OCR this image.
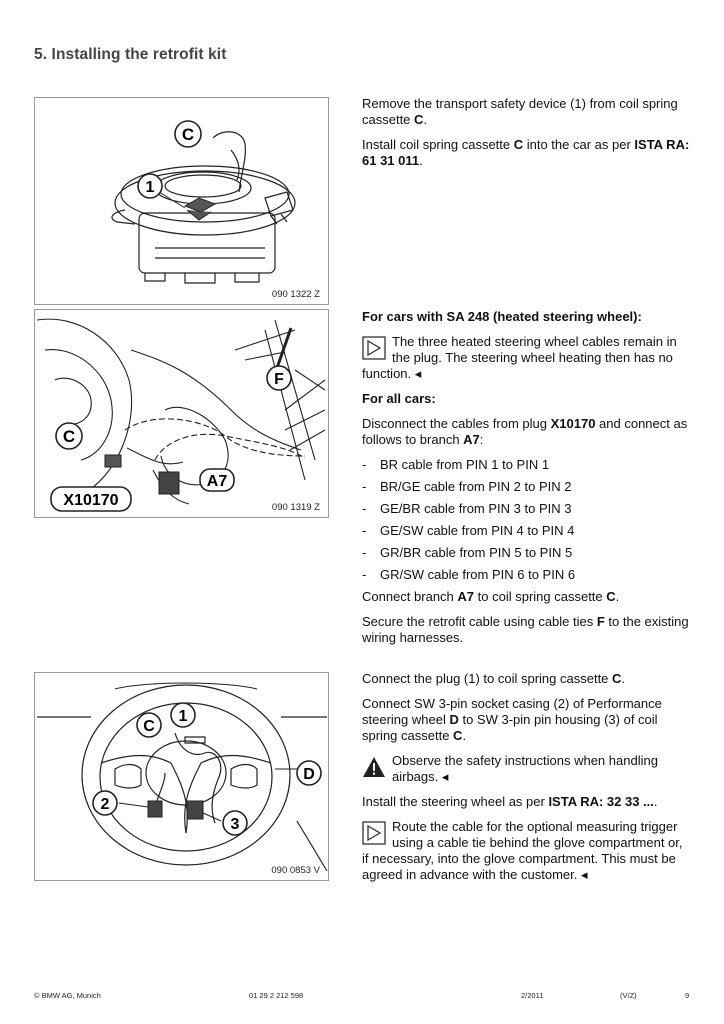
5. Installing the retrofit kit
C
1
090 1322 Z
F
C
A7
X10170	090 1319 Z
C
1
2
3
D
090 0853 V

Remove the transport safety device (1) from coil spring cassette C.

Install coil spring cassette C into the car as per ISTA RA: 61 31 011.

For cars with SA 248 (heated steering wheel):

The three heated steering wheel cables remain in the plug. The steering wheel heating then has no function. ◂

For all cars:

Disconnect the cables from plug X10170 and connect as follows to branch A7:

- BR cable from PIN 1 to PIN 1
- BR/GE cable from PIN 2 to PIN 2
- GE/BR cable from PIN 3 to PIN 3
- GE/SW cable from PIN 4 to PIN 4
- GR/BR cable from PIN 5 to PIN 5
- GR/SW cable from PIN 6 to PIN 6

Connect branch A7 to coil spring cassette C.

Secure the retrofit cable using cable ties F to the existing wiring harnesses.

Connect the plug (1) to coil spring cassette C.

Connect SW 3-pin socket casing (2) of Performance steering wheel D to SW 3-pin pin housing (3) of coil spring cassette C.

Observe the safety instructions when handling airbags. ◂

Install the steering wheel as per ISTA RA: 32 33 ....

Route the cable for the optional measuring trigger using a cable tie behind the glove compartment or, if necessary, into the glove compartment. This must be agreed in advance with the customer. ◂

© BMW AG, Munich	01 29 2 212 598	2/2011	(V/Z)	9
